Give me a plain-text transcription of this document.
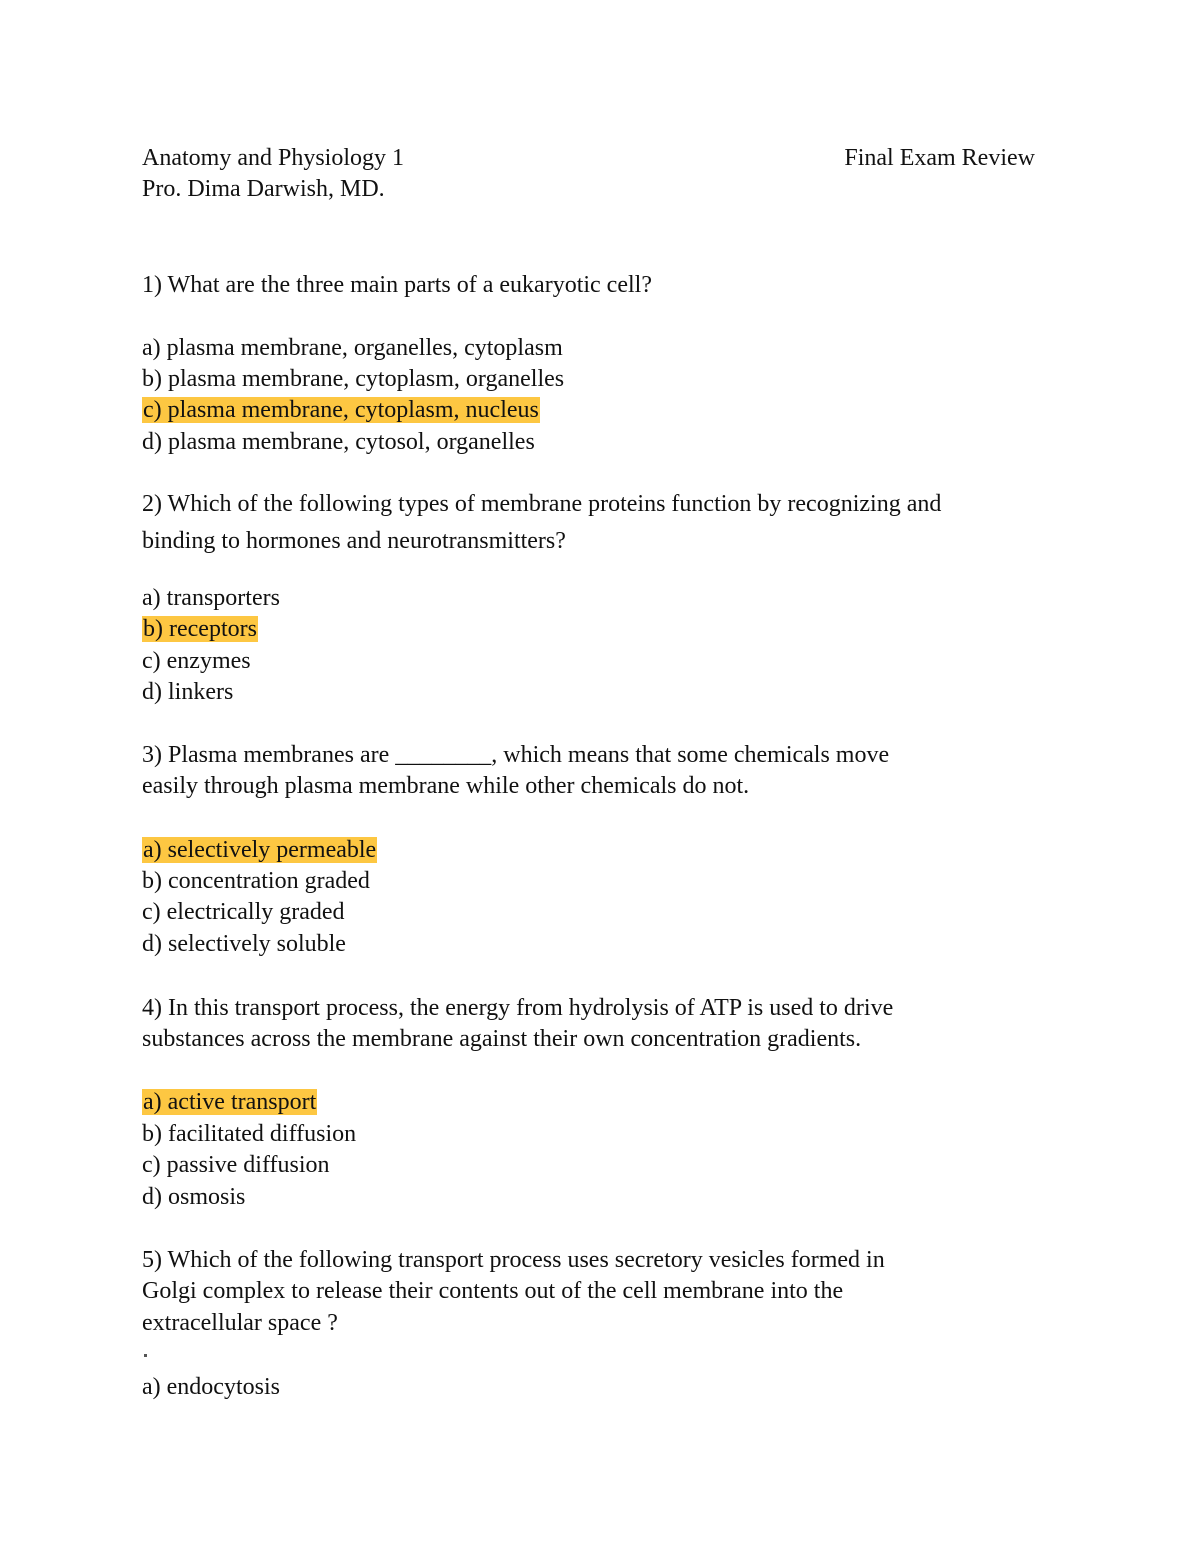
Anatomy and Physiology 1	Final Exam Review
Pro. Dima Darwish, MD.
1) What are the three main parts of a eukaryotic cell?
a) plasma membrane, organelles, cytoplasm
b) plasma membrane, cytoplasm, organelles
c) plasma membrane, cytoplasm, nucleus
d) plasma membrane, cytosol, organelles
2) Which of the following types of membrane proteins function by recognizing and
binding to hormones and neurotransmitters?
a) transporters
b) receptors
c) enzymes
d) linkers
3) Plasma membranes are ________, which means that some chemicals move
easily through plasma membrane while other chemicals do not.
a) selectively permeable
b) concentration graded
c) electrically graded
d) selectively soluble
4) In this transport process, the energy from hydrolysis of ATP is used to drive
substances across the membrane against their own concentration gradients.
a) active transport
b) facilitated diffusion
c) passive diffusion
d) osmosis
5) Which of the following transport process uses secretory vesicles formed in
Golgi complex to release their contents out of the cell membrane into the
extracellular space ?
a) endocytosis
